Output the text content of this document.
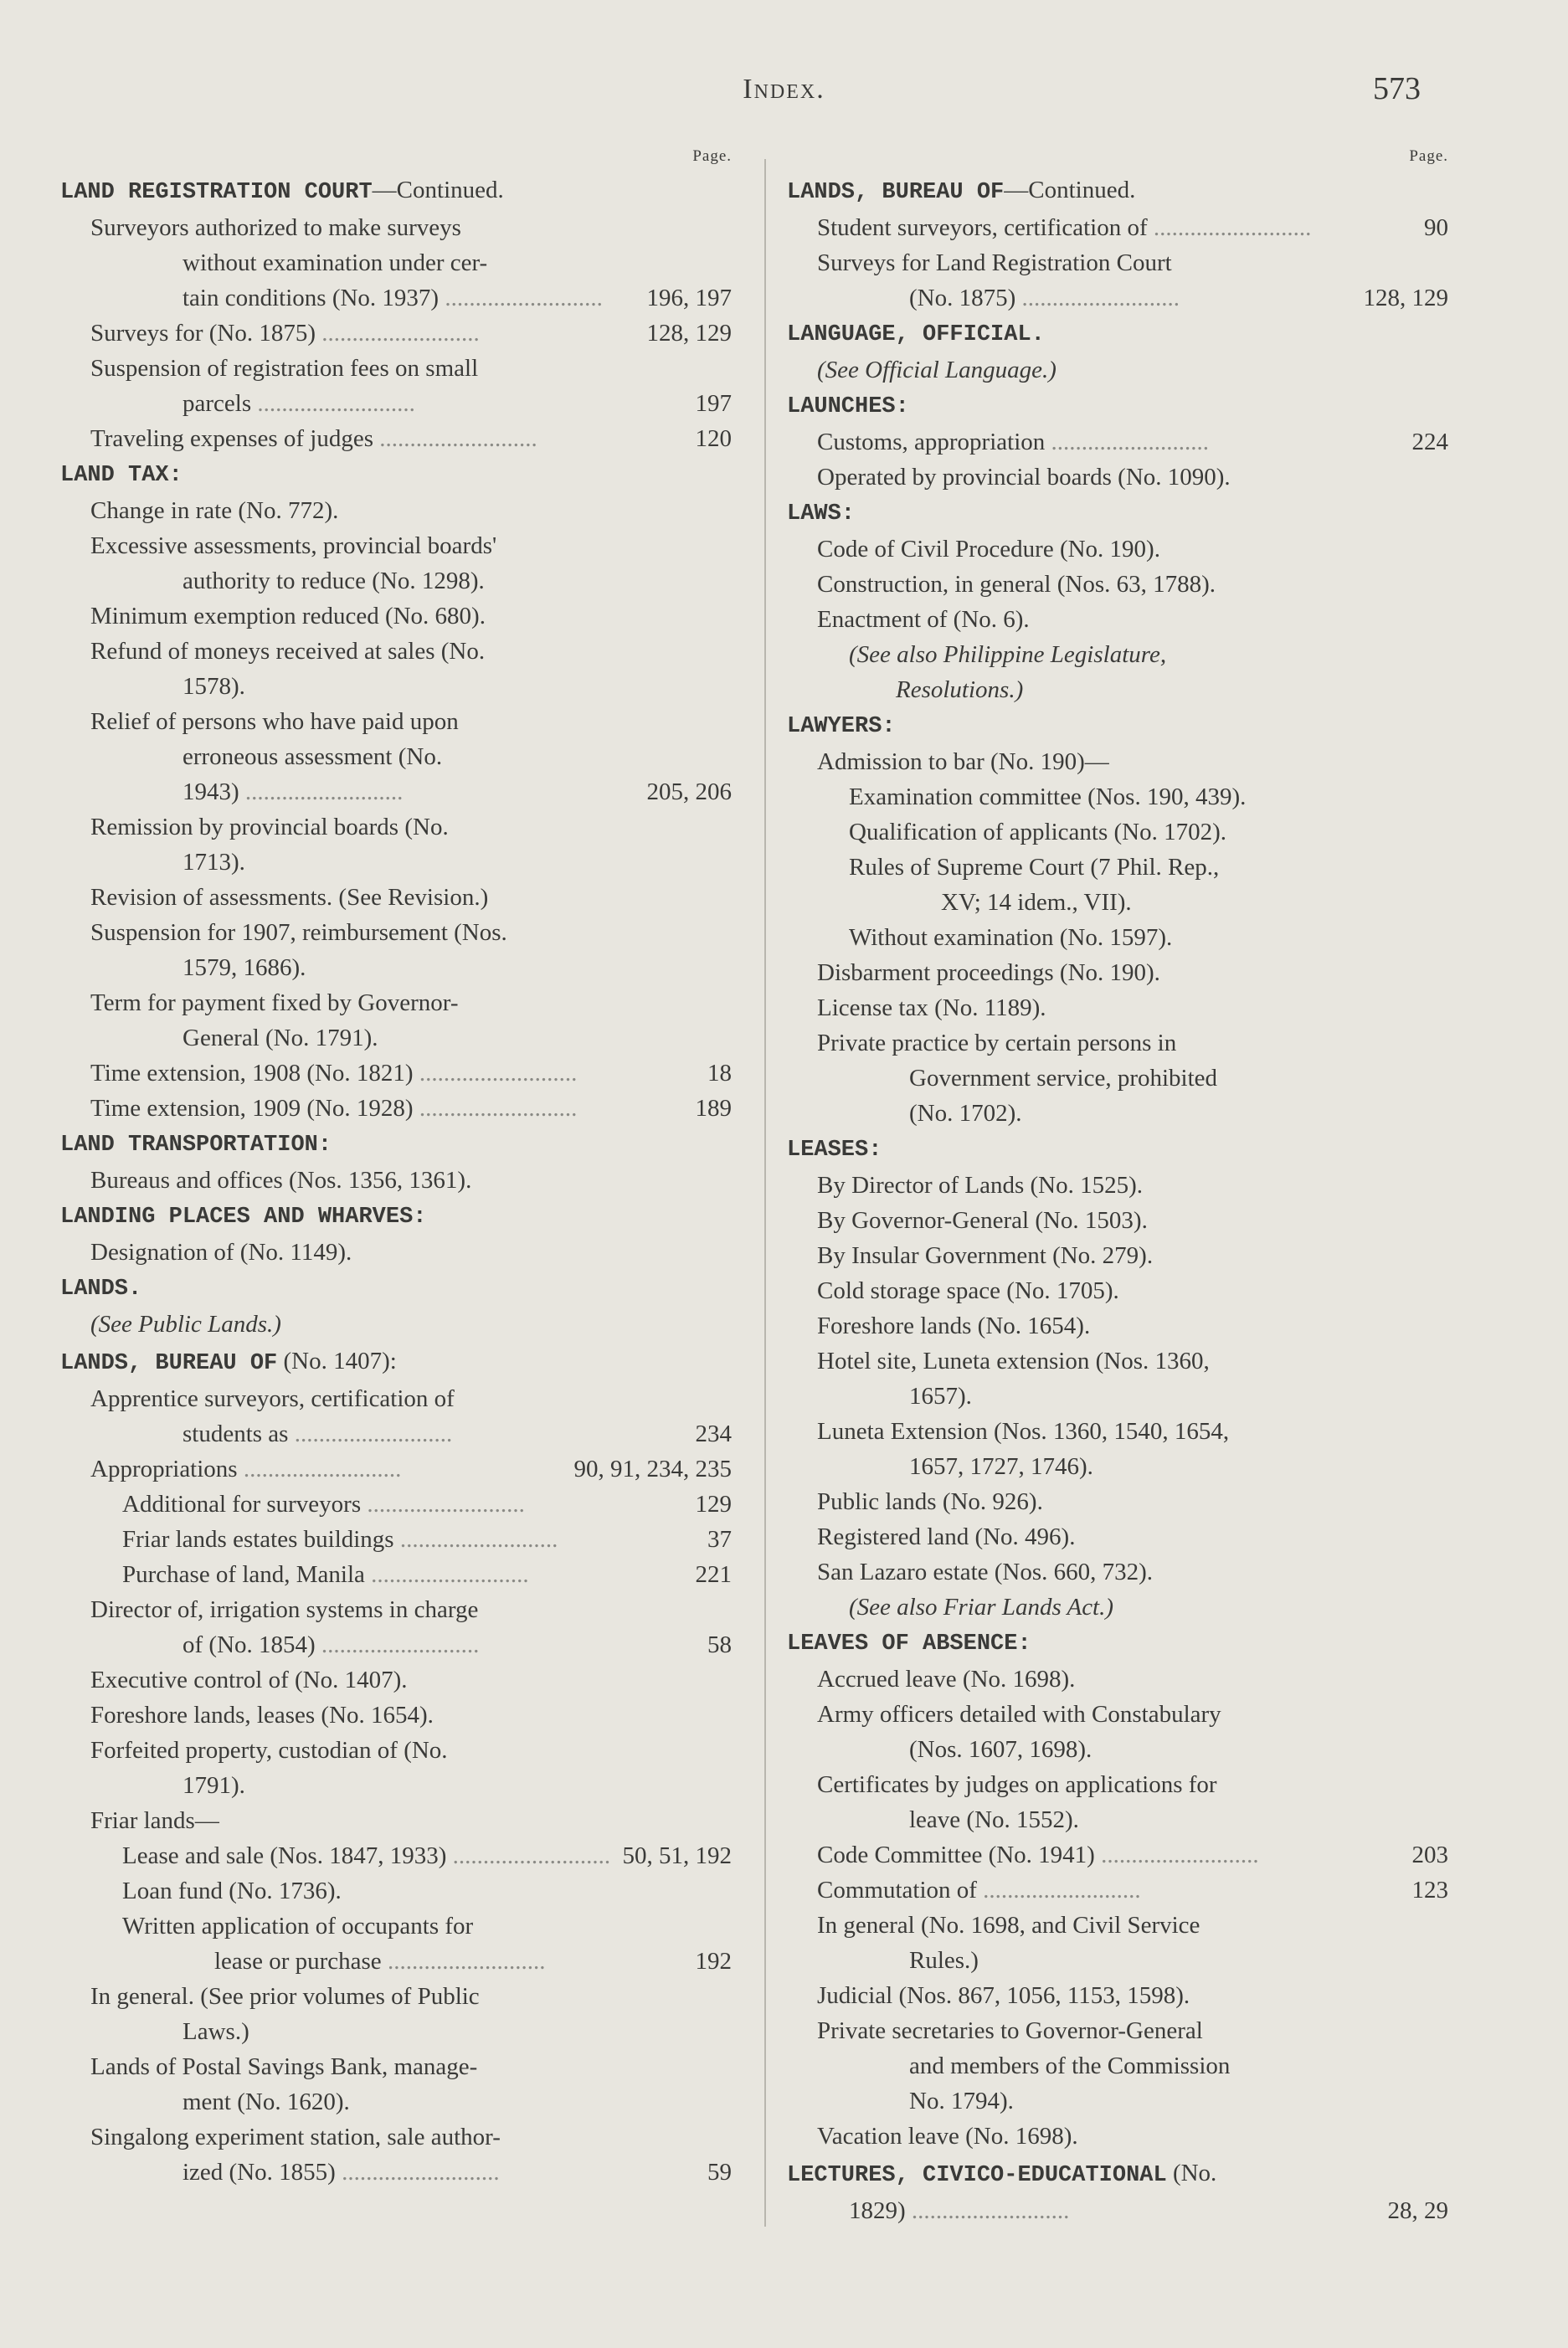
Index.	573
Page.
LAND REGISTRATION COURT—Continued.
Surveyors authorized to make surveys
without examination under cer-
196, 197
tain conditions (No. 1937) ..........................
128, 129
Surveys for (No. 1875) ..........................
Suspension of registration fees on small
197
parcels ..........................
120
Traveling expenses of judges ..........................
LAND TAX:
Change in rate (No. 772).
Excessive assessments, provincial boards'
authority to reduce (No. 1298).
Minimum exemption reduced (No. 680).
Refund of moneys received at sales (No.
1578).
Relief of persons who have paid upon
erroneous assessment (No.
205, 206
1943) ..........................
Remission by provincial boards (No.
1713).
Revision of assessments. (See Revision.)
Suspension for 1907, reimbursement (Nos.
1579, 1686).
Term for payment fixed by Governor-
General (No. 1791).
18
Time extension, 1908 (No. 1821) ..........................
189
Time extension, 1909 (No. 1928) ..........................
LAND TRANSPORTATION:
Bureaus and offices (Nos. 1356, 1361).
LANDING PLACES AND WHARVES:
Designation of (No. 1149).
LANDS.
(See Public Lands.)
LANDS, BUREAU OF (No. 1407):
Apprentice surveyors, certification of
234
students as ..........................
90, 91, 234, 235
Appropriations ..........................
129
Additional for surveyors ..........................
37
Friar lands estates buildings ..........................
221
Purchase of land, Manila ..........................
Director of, irrigation systems in charge
58
of (No. 1854) ..........................
Executive control of (No. 1407).
Foreshore lands, leases (No. 1654).
Forfeited property, custodian of (No.
1791).
Friar lands—
50, 51, 192
Lease and sale (Nos. 1847, 1933) ..........................
Loan fund (No. 1736).
Written application of occupants for
192
lease or purchase ..........................
In general. (See prior volumes of Public
Laws.)
Lands of Postal Savings Bank, manage-
ment (No. 1620).
Singalong experiment station, sale author-
59
ized (No. 1855) ..........................
Page.
LANDS, BUREAU OF—Continued.
90
Student surveyors, certification of ..........................
Surveys for Land Registration Court
128, 129
(No. 1875) ..........................
LANGUAGE, OFFICIAL.
(See Official Language.)
LAUNCHES:
224
Customs, appropriation ..........................
Operated by provincial boards (No. 1090).
LAWS:
Code of Civil Procedure (No. 190).
Construction, in general (Nos. 63, 1788).
Enactment of (No. 6).
(See also Philippine Legislature,
Resolutions.)
LAWYERS:
Admission to bar (No. 190)—
Examination committee (Nos. 190, 439).
Qualification of applicants (No. 1702).
Rules of Supreme Court (7 Phil. Rep.,
XV; 14 idem., VII).
Without examination (No. 1597).
Disbarment proceedings (No. 190).
License tax (No. 1189).
Private practice by certain persons in
Government service, prohibited
(No. 1702).
LEASES:
By Director of Lands (No. 1525).
By Governor-General (No. 1503).
By Insular Government (No. 279).
Cold storage space (No. 1705).
Foreshore lands (No. 1654).
Hotel site, Luneta extension (Nos. 1360,
1657).
Luneta Extension (Nos. 1360, 1540, 1654,
1657, 1727, 1746).
Public lands (No. 926).
Registered land (No. 496).
San Lazaro estate (Nos. 660, 732).
(See also Friar Lands Act.)
LEAVES OF ABSENCE:
Accrued leave (No. 1698).
Army officers detailed with Constabulary
(Nos. 1607, 1698).
Certificates by judges on applications for
leave (No. 1552).
203
Code Committee (No. 1941) ..........................
123
Commutation of ..........................
In general (No. 1698, and Civil Service
Rules.)
Judicial (Nos. 867, 1056, 1153, 1598).
Private secretaries to Governor-General
and members of the Commission
No. 1794).
Vacation leave (No. 1698).
LECTURES, CIVICO-EDUCATIONAL (No.
28, 29
1829) ..........................
